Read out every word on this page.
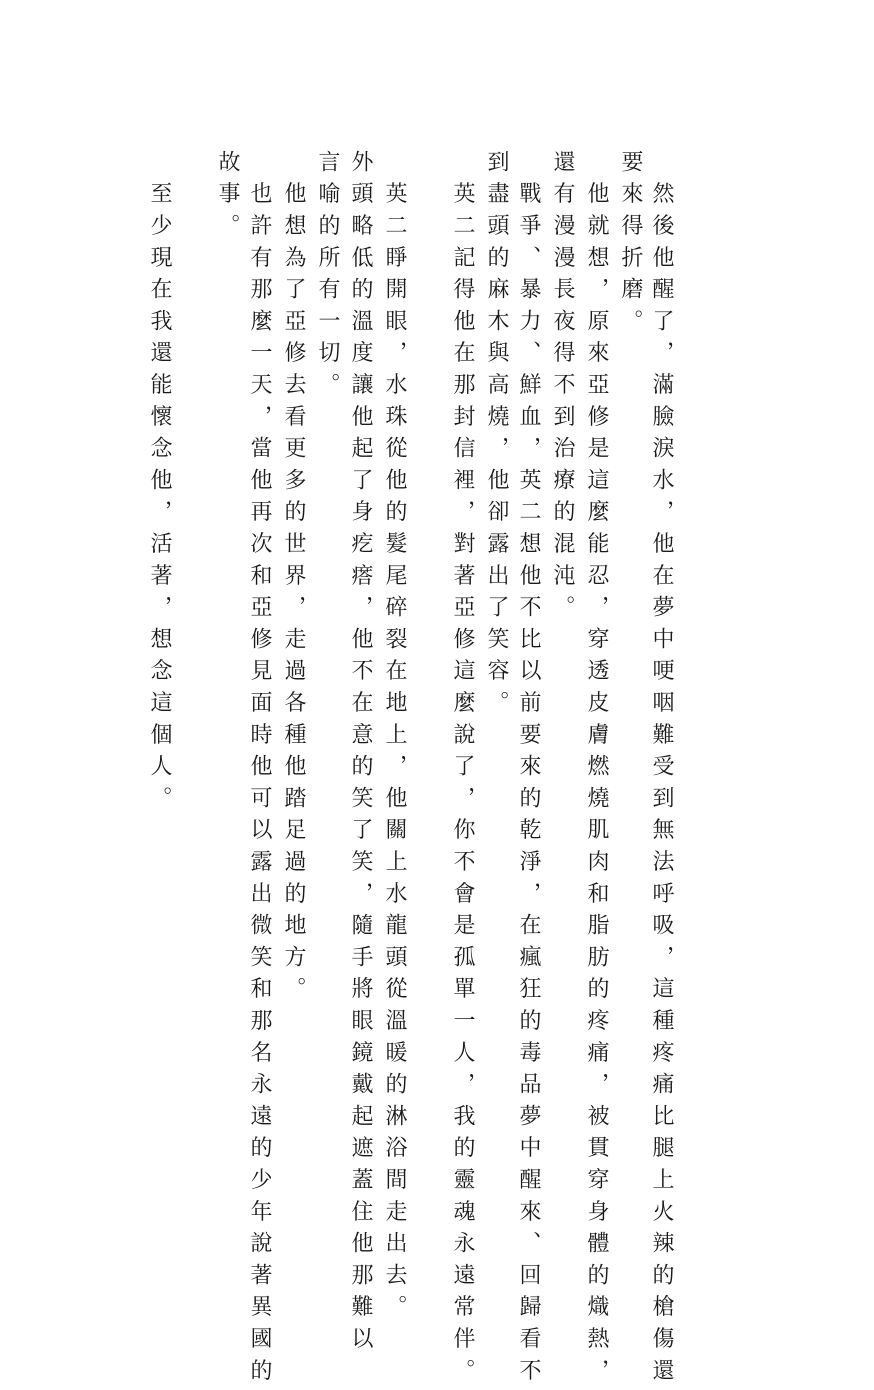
　然後他醒了，滿臉淚水，他在夢中哽咽難受到無法呼吸，這種疼痛比腿上火辣的槍傷還
要來得折磨。
　他就想，原來亞修是這麼能忍，穿透皮膚燃燒肌肉和脂肪的疼痛，被貫穿身體的熾熱，
還有漫漫長夜得不到治療的混沌。
　戰爭、暴力、鮮血，英二想他不比以前要來的乾淨，在瘋狂的毒品夢中醒來、回歸看不
到盡頭的麻木與高燒，他卻露出了笑容。
　英二記得他在那封信裡，對著亞修這麼說了，你不會是孤單一人，我的靈魂永遠常伴。
　英二睜開眼，水珠從他的髮尾碎裂在地上，他關上水龍頭從溫暖的淋浴間走出去。
外頭略低的溫度讓他起了身疙瘩，他不在意的笑了笑，隨手將眼鏡戴起遮蓋住他那難以
言喻的所有一切。
　他想為了亞修去看更多的世界，走過各種他踏足過的地方。
　也許有那麼一天，當他再次和亞修見面時他可以露出微笑和那名永遠的少年說著異國的
故事。
　至少現在我還能懷念他，活著，想念這個人。
